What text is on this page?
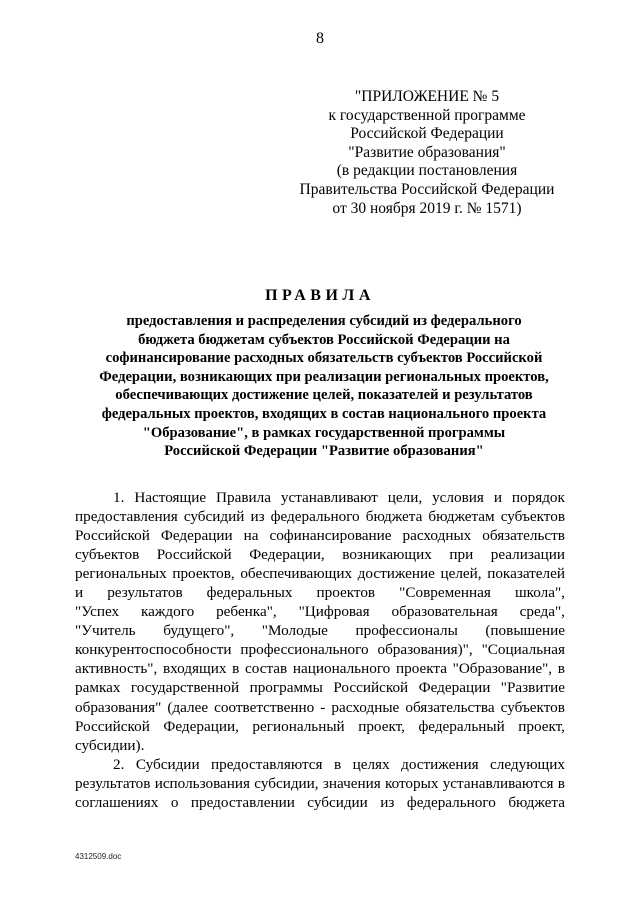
8
"ПРИЛОЖЕНИЕ № 5
к государственной программе
Российской Федерации
"Развитие образования"
(в редакции постановления
Правительства Российской Федерации
от 30 ноября 2019 г. № 1571)
ПРАВИЛА
предоставления и распределения субсидий из федерального
бюджета бюджетам субъектов Российской Федерации на
софинансирование расходных обязательств субъектов Российской
Федерации, возникающих при реализации региональных проектов,
обеспечивающих достижение целей, показателей и результатов
федеральных проектов, входящих в состав национального проекта
"Образование", в рамках государственной программы
Российской Федерации "Развитие образования"
1. Настоящие Правила устанавливают цели, условия и порядок
предоставления субсидий из федерального бюджета бюджетам субъектов
Российской Федерации на софинансирование расходных обязательств
субъектов Российской Федерации, возникающих при реализации
региональных проектов, обеспечивающих достижение целей, показателей
и результатов федеральных проектов "Современная школа",
"Успех каждого ребенка", "Цифровая образовательная среда",
"Учитель будущего", "Молодые профессионалы (повышение
конкурентоспособности профессионального образования)", "Социальная
активность", входящих в состав национального проекта "Образование", в
рамках государственной программы Российской Федерации "Развитие
образования" (далее соответственно - расходные обязательства субъектов
Российской Федерации, региональный проект, федеральный проект,
субсидии).
2. Субсидии предоставляются в целях достижения следующих
результатов использования субсидии, значения которых устанавливаются в
соглашениях о предоставлении субсидии из федерального бюджета
4312509.doc
